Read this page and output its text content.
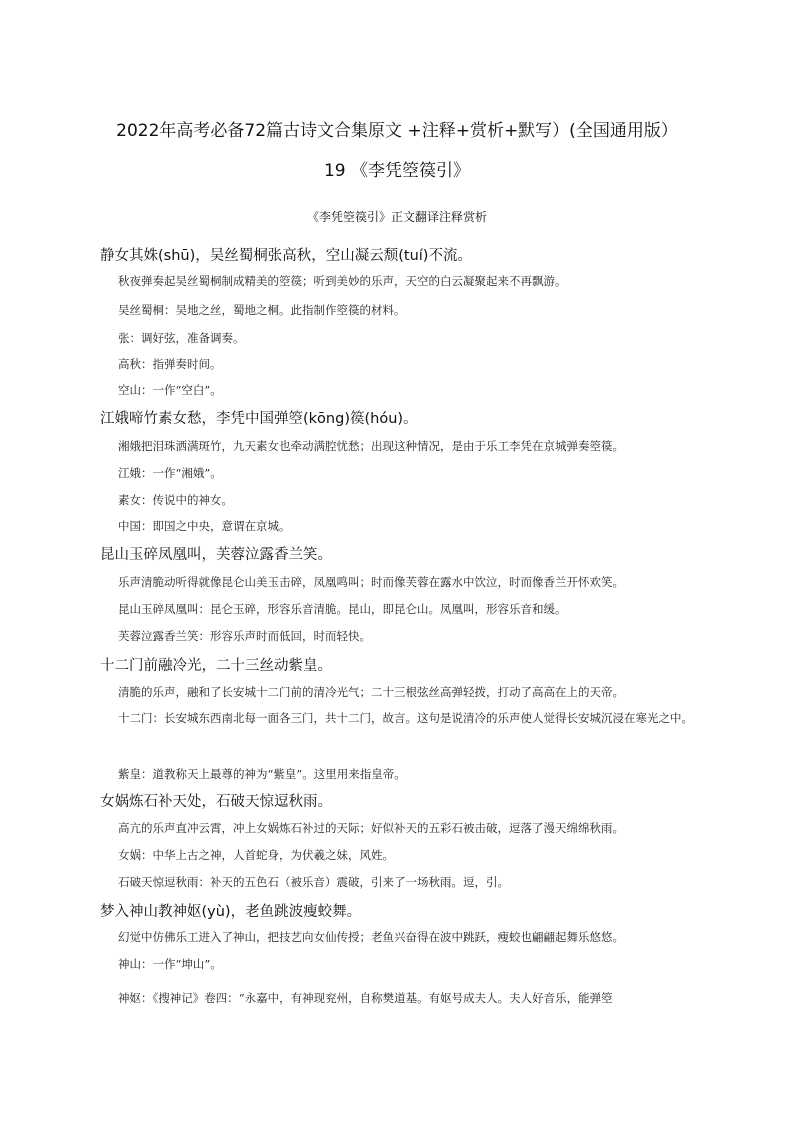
2022年高考必备72篇古诗文合集原文 +注释+赏析+默写）(全国通用版）
19 《李凭箜篌引》
《李凭箜篌引》正文翻译注释赏析
静女其姝(shū)，吴丝蜀桐张高秋，空山凝云颓(tuí)不流。
秋夜弹奏起吴丝蜀桐制成精美的箜篌；听到美妙的乐声，天空的白云凝聚起来不再飘游。
吴丝蜀桐：吴地之丝，蜀地之桐。此指制作箜篌的材料。
张：调好弦，准备调奏。
高秋：指弹奏时间。
空山：一作“空白”。
江娥啼竹素女愁，李凭中国弹箜(kōng)篌(hóu)。
湘娥把泪珠洒满斑竹，九天素女也牵动满腔忧愁；出现这种情况，是由于乐工李凭在京城弹奏箜篌。
江娥：一作“湘娥”。
素女：传说中的神女。
中国：即国之中央，意谓在京城。
昆山玉碎凤凰叫，芙蓉泣露香兰笑。
乐声清脆动听得就像昆仑山美玉击碎，凤凰鸣叫；时而像芙蓉在露水中饮泣，时而像香兰开怀欢笑。
昆山玉碎凤凰叫：昆仑玉碎，形容乐音清脆。昆山，即昆仑山。凤凰叫，形容乐音和缓。
芙蓉泣露香兰笑：形容乐声时而低回，时而轻快。
十二门前融冷光，二十三丝动紫皇。
清脆的乐声，融和了长安城十二门前的清冷光气；二十三根弦丝高弹轻拨，打动了高高在上的天帝。
十二门：长安城东西南北每一面各三门，共十二门，故言。这句是说清冷的乐声使人觉得长安城沉浸在寒光之中。
紫皇：道教称天上最尊的神为“紫皇”。这里用来指皇帝。
女娲炼石补天处，石破天惊逗秋雨。
高亢的乐声直冲云霄，冲上女娲炼石补过的天际；好似补天的五彩石被击破，逗落了漫天绵绵秋雨。
女娲：中华上古之神，人首蛇身，为伏羲之妹，风姓。
石破天惊逗秋雨：补天的五色石（被乐音）震破，引来了一场秋雨。逗，引。
梦入神山教神妪(yù)，老鱼跳波瘦蛟舞。
幻觉中仿佛乐工进入了神山，把技艺向女仙传授；老鱼兴奋得在波中跳跃，瘦蛟也翩翩起舞乐悠悠。
神山：一作“坤山”。
神妪：《搜神记》卷四：“永嘉中，有神现兖州，自称樊道基。有妪号成夫人。夫人好音乐，能弹箜
